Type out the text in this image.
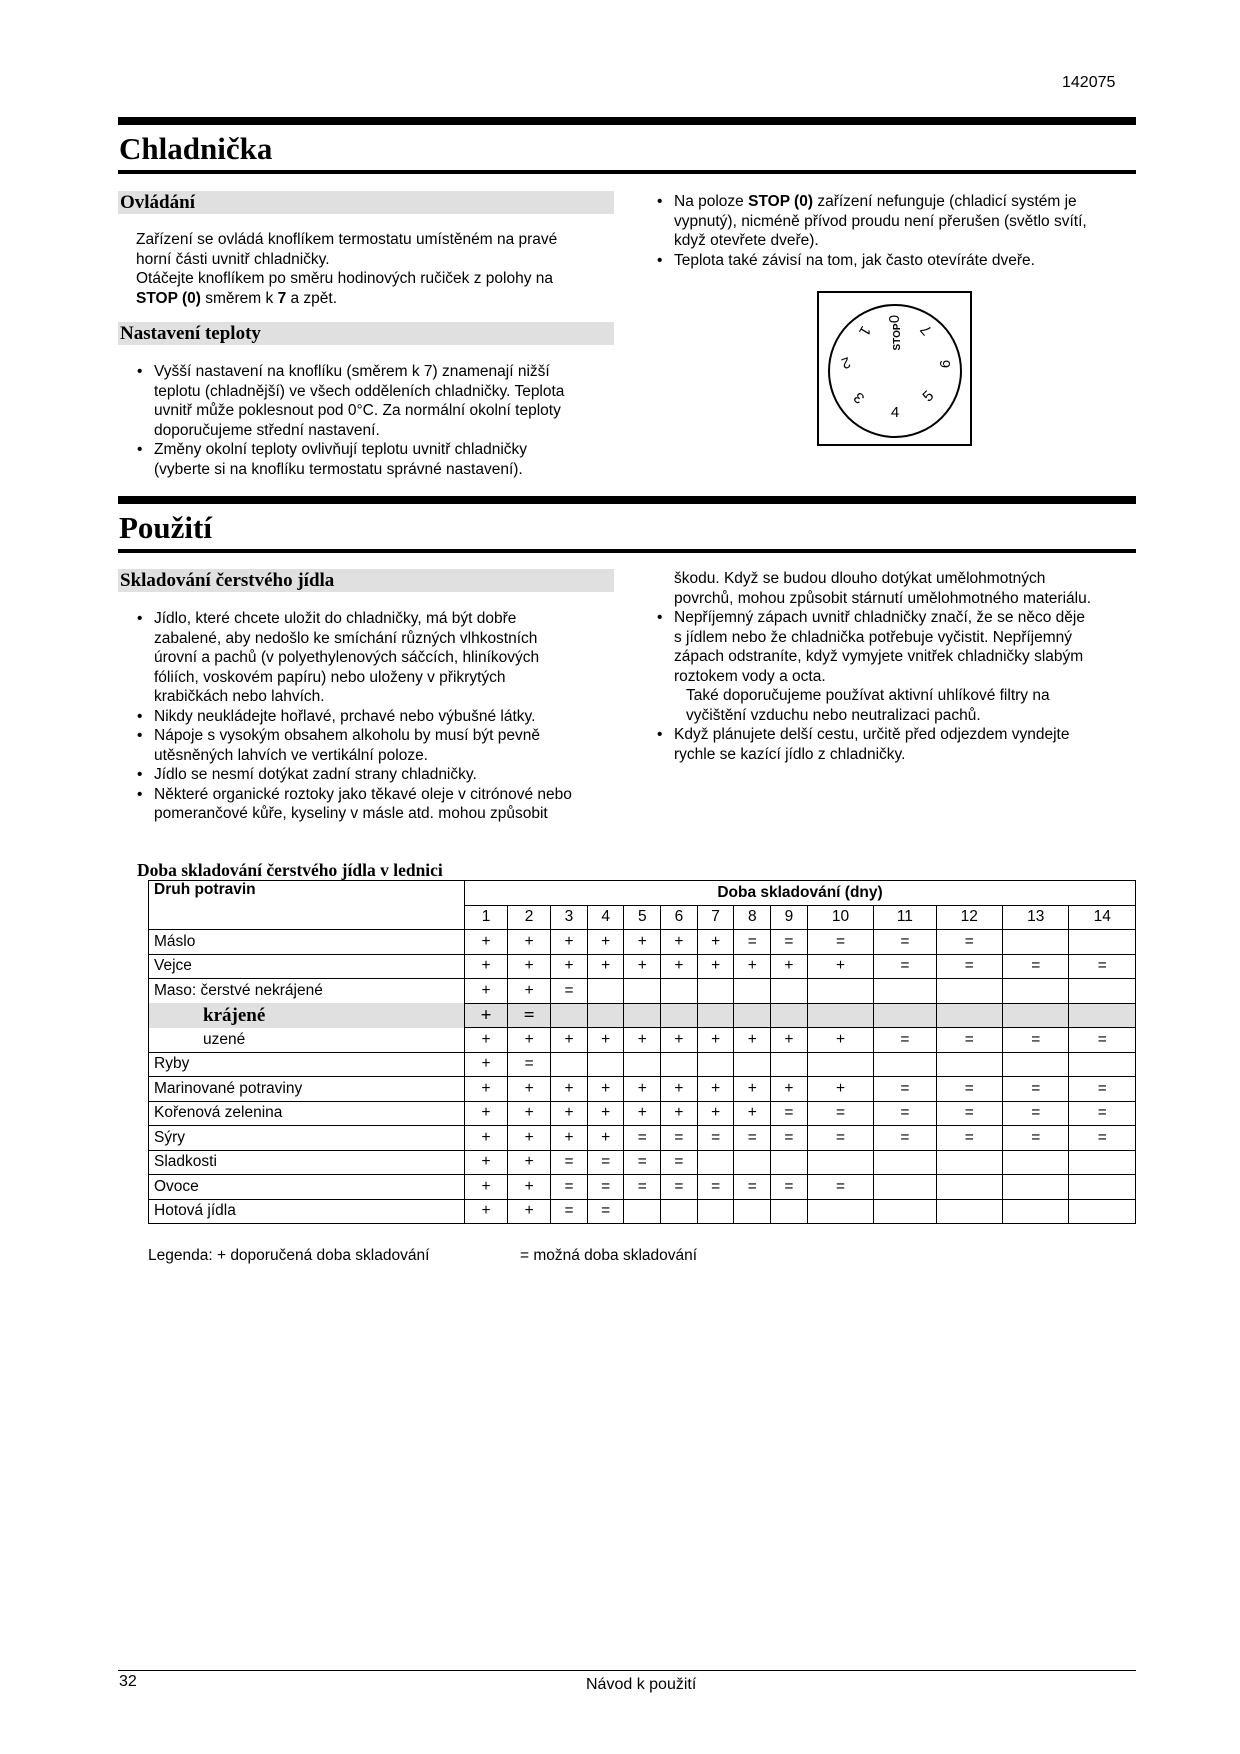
142075
Chladnička
Ovládání

Zařízení se ovládá knoflíkem termostatu umístěném na pravé

horní části uvnitř chladničky.

Otáčejte knoflíkem po směru hodinových ručiček z polohy na

STOP (0) směrem k 7 a zpět.

Nastavení teploty
• Vyšší nastavení na knoflíku (směrem k 7) znamenají nižší
teplotu (chladnější) ve všech odděleních chladničky. Teplota
uvnitř může poklesnout pod 0°C. Za normální okolní teploty
doporučujeme střední nastavení.
• Změny okolní teploty ovlivňují teplotu uvnitř chladničky
(vyberte si na knoflíku termostatu správné nastavení).
• Na poloze STOP (0) zařízení nefunguje (chladicí systém je
vypnutý), nicméně přívod proudu není přerušen (světlo svítí,
když otevřete dveře).
• Teplota také závisí na tom, jak často otevíráte dveře.
0
STOP
1
2
3
4
5
6
7
Použití
Skladování čerstvého jídla
• Jídlo, které chcete uložit do chladničky, má být dobře
zabalené, aby nedošlo ke smíchání různých vlhkostních
úrovní a pachů (v polyethylenových sáčcích, hliníkových
fóliích, voskovém papíru) nebo uloženy v přikrytých
krabičkách nebo lahvích.
• Nikdy neukládejte hořlavé, prchavé nebo výbušné látky.
• Nápoje s vysokým obsahem alkoholu by musí být pevně
utěsněných lahvích ve vertikální poloze.
• Jídlo se nesmí dotýkat zadní strany chladničky.
• Některé organické roztoky jako těkavé oleje v citrónové nebo
pomerančové kůře, kyseliny v másle atd. mohou způsobit

škodu. Když se budou dlouho dotýkat umělohmotných

povrchů, mohou způsobit stárnutí umělohmotného materiálu.

• Nepříjemný zápach uvnitř chladničky značí, že se něco děje
s jídlem nebo že chladnička potřebuje vyčistit. Nepříjemný
zápach odstraníte, když vymyjete vnitřek chladničky slabým
roztokem vody a octa.
Také doporučujeme používat aktivní uhlíkové filtry na
vyčištění vzduchu nebo neutralizaci pachů.
• Když plánujete delší cestu, určitě před odjezdem vyndejte
rychle se kazící jídlo z chladničky.
Doba skladování čerstvého jídla v lednici
Druh potravin	Doba skladování (dny)													
	1	2	3	4	5	6	7	8	9	10	11	12	13	14
Máslo	+	+	+	+	+	+	+	=	=	=	=	=		
Vejce	+	+	+	+	+	+	+	+	+	+	=	=	=	=
Maso: čerstvé nekrájené	+	+	=											
krájené	+	=												
uzené	+	+	+	+	+	+	+	+	+	+	=	=	=	=
Ryby	+	=												
Marinované potraviny	+	+	+	+	+	+	+	+	+	+	=	=	=	=
Kořenová zelenina	+	+	+	+	+	+	+	+	=	=	=	=	=	=
Sýry	+	+	+	+	=	=	=	=	=	=	=	=	=	=
Sladkosti	+	+	=	=	=	=								
Ovoce	+	+	=	=	=	=	=	=	=	=				
Hotová jídla	+	+	=	=										
Legenda: + doporučená doba skladování	= možná doba skladování
32	Návod k použití
